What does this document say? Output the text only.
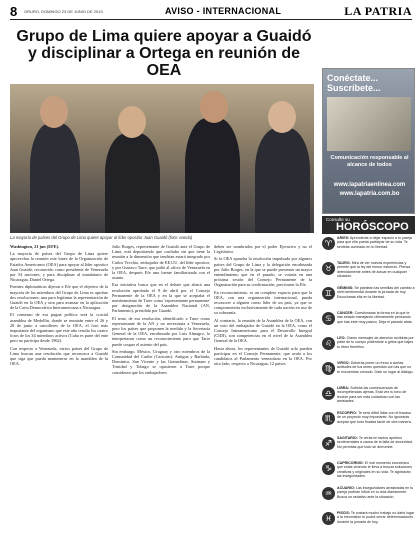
8 ORURO, DOMINGO 23 DE JUNIO DE 2019	AVISO - INTERNACIONAL	LA PATRIA
Grupo de Lima quiere apoyar a Guaidó y disciplinar a Ortega en reunión de OEA
La mayoría de países del Grupo de Lima quiere apoyar al líder opositor Juan Guaidó (foto: eanda)

Washington, 21 jun (EFE).

La mayoría de países del Grupo de Lima quiere aprovechar la reunión este lunes de la Organización de Estados Americanos (OEA) para apoyar al líder opositor Juan Guaidó, reconocido como presidente de Venezuela por 54 naciones, y para disciplinar al mandatario de Nicaragua, Daniel Ortega.

Fuentes diplomáticas dijeron a Efe que el objetivo de la mayoría de los miembros del Grupo de Lima es aprobar dos resoluciones: una para legitimar la representación de Guaidó en la OEA y otra para avanzar en la aplicación de la Carta Democrática Interamericana a Nicaragua.

El consenso de esa pugna política será la crucial asamblea de Medellín, donde se reunirán entre el 26 y 28 de junio a cancilleres de la OEA, el foro más importante del organismo que este año resulta los cuatro foros de los 34 miembros activos (Cuba es parte del ente pero no participa desde 1962).

Con respecto a Venezuela, varios países del Grupo de Lima buscan una resolución que reconozca a Guaidó que siga que pueda mantenerse en la asamblea de la OEA.

Julio Borges, representante de Guaidó ante el Grupo de Lima, está depositando que confiaba sin que tiene la reunión a la dimensión que tendrían estará integrado por Carlos Vecchio, embajador de EE.UU. del líder opositor, y por Gustavo Tarre, que pidió al oficio de Venezuela en la OEA, después Efe una fuente familiarizada con el asunto.

Esa iniciativa busca que en el debate que abrirá una resolución aprobada el 9 de abril por el Consejo Permanente de la OEA y en la que se aceptaba el nombramiento de Tarre como 'representante permanente' por designación de la Asamblea Nacional (AN, Parlamento), presidida por Guaidó.

El texto de esa resolución, identificado a Tarre como representante de la AN y no necesitaria a Venezuela, pero los países que proponen la medida y la Secretaría General de la OEA, encabezada por Luis Almagro, lo interpretaron como un reconocimiento para que Tarre puede ocupar el asiento del país.

Sin embargo, México, Uruguay y otro miembros de la Comunidad del Caribe (Caricom): Antigua y Barbuda, Dominica, San Vicente y las Granadinas, Surinam y Trinidad y Tobago se opusieron a Tarre porque consideran que los embajadores

deben ser nombrados por el poder Ejecutivo y no el Legislativo.

Si la OEA aprueba la resolución impulsada por algunos países del Grupo de Lima y la delegación encabezada por Julio Borges, en la que se puede presentar un mayor entendimiento que en el pasado, se votaría en una próxima sesión del Consejo Permanente de la Organización para su confirmación, precisaron la Efe.

En reconocimiento, es un completo espacio para que la OEA, con una organización internacional, pueda reconocer a alguien como líder de un país, ya que se comprometería exclusivamente de cada nación en uso de su soberanía.

Al contrario, la reunión de la Asamblea de la OEA, con un voto del embajador de Guaidó en la OEA, como el Consejo Interamericano para el Desarrollo Integral (CIDI), son competencias en el nivel de la Asamblea General de la OEA.

Hasta ahora, los representantes de Guaidó solo pueden participar en el Consejo Permanente, que avala a los candidatos al Parlamento venezolano en la OEA. Por otro lado, respecto a Nicaragua, 12 países

Conéctate... Suscríbete...
Comunicación responsable al alcance de todos
www.lapatriaenlinea.com
www.lapatria.com.bo
Consulte su
HORÓSCOPO
♈
ARIES: Aprenderás a dejar espacio a tu pareja para que ella pueda participar de su vida. Te sentirás cumbado en tu libertad.
♉
TAURO: Mira de ver nuevas experiencias y permite que la ley del menor esfuerzo. Piensa detenidamente antes de actuar en cualquier situación.
♊
GÉMINIS: Se plantean las semillas del cambio a nivel sentimental durante la jornada de hoy. Escucharás ella en la libertad.
♋
CÁNCER: Cuestionarás la forma en la que te has estado manejando últimamente pensando que has este muy pasivo. Deja el pasado atrás.
♌
LEO: Claros mensajes de atención recibirás por parte de tu cuerpo pidiéndote a gritos que bajes tu ritmo frenético.
♍
VIRGO: Deberás poner un freno a ciertas actitudes de tus seres queridos con las que no te encuentras cómodo. Date un lugar al diálogo.
♎
LIBRA: Sufrirás las consecuencias de incompetencias ajenas. Esta vez tu tono de lección para ser más cuidadoso con las amistades.
♏
ESCORPIO: Te será difícil lidiar con el fracaso de un proyecto muy importante. No ignorarás aceptar que todo finaliza tarde de otra manera.
♐
SAGITARIO: Te verás en tantos aprietos sentimentales a causa de la falta de sinceridad. No permitas que todo se derrumbe.
♑
CAPRICORNIO: El mal momento económico que estás viviendo te lleva a buscar soluciones creativas y originales en su vida. Te agobiarán las inseguridades.
♒
ACUARIO: Las inseguridades arrastradas en tu pareja podrían influir en tu vida diariamente. Busca un sedativo ante la situación.
♓
PISCIS: Te costará mucho trabajo no darle lugar a la intromisión tú podrá cerrar determinaciones durante la jornada de hoy.
